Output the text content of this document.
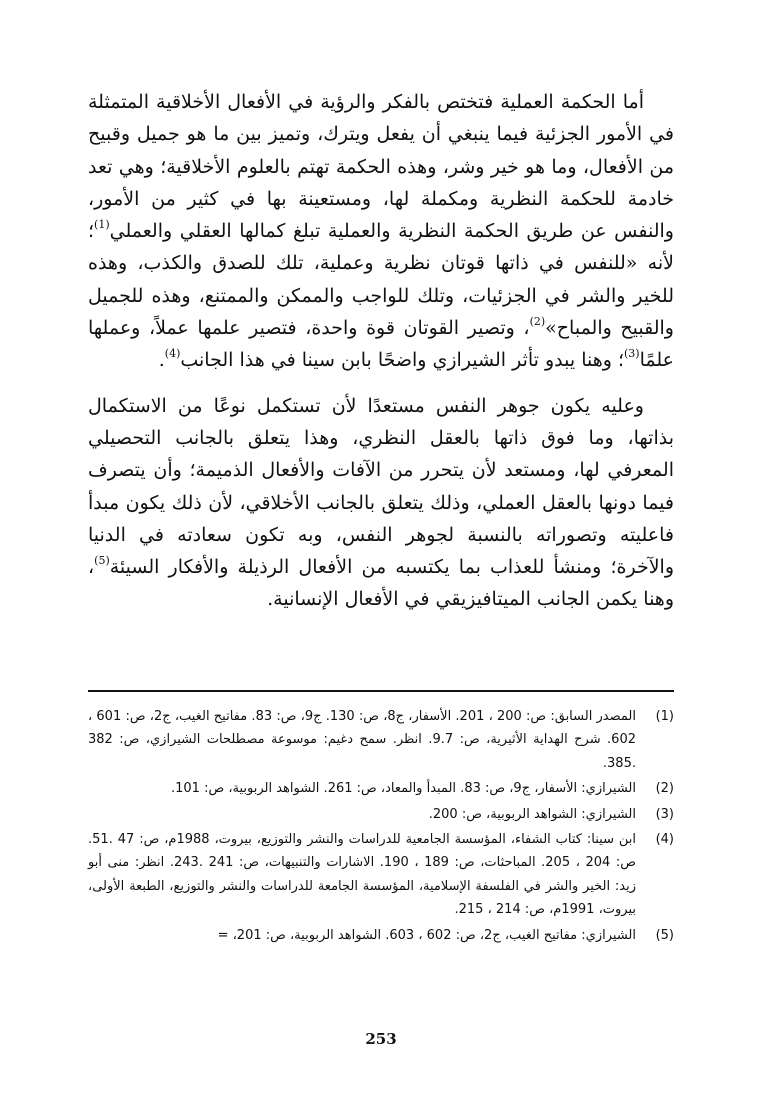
أما الحكمة العملية فتختص بالفكر والرؤية في الأفعال الأخلاقية المتمثلة في الأمور الجزئية فيما ينبغي أن يفعل ويترك، وتميز بين ما هو جميل وقبيح من الأفعال، وما هو خير وشر، وهذه الحكمة تهتم بالعلوم الأخلاقية؛ وهي تعد خادمة للحكمة النظرية ومكملة لها، ومستعينة بها في كثير من الأمور، والنفس عن طريق الحكمة النظرية والعملية تبلغ كمالها العقلي والعملي$^{(1)}$؛ لأنه «للنفس في ذاتها قوتان نظرية وعملية، تلك للصدق والكذب، وهذه للخير والشر في الجزئيات، وتلك للواجب والممكن والممتنع، وهذه للجميل والقبيح والمباح»$^{(2)}$، وتصير القوتان قوة واحدة، فتصير علمها عملاً، وعملها علمًا$^{(3)}$؛ وهنا يبدو تأثر الشيرازي واضحًا بابن سينا في هذا الجانب$^{(4)}$.

وعليه يكون جوهر النفس مستعدًا لأن تستكمل نوعًا من الاستكمال بذاتها، وما فوق ذاتها بالعقل النظري، وهذا يتعلق بالجانب التحصيلي المعرفي لها، ومستعد لأن يتحرر من الآفات والأفعال الذميمة؛ وأن يتصرف فيما دونها بالعقل العملي، وذلك يتعلق بالجانب الأخلاقي، لأن ذلك يكون مبدأ فاعليته وتصوراته بالنسبة لجوهر النفس، وبه تكون سعادته في الدنيا والآخرة؛ ومنشأ للعذاب بما يكتسبه من الأفعال الرذيلة والأفكار السيئة$^{(5)}$، وهنا يكمن الجانب الميتافيزيقي في الأفعال الإنسانية.

(1)
المصدر السابق: ص: 200 ، 201. الأسفار، ج8، ص: 130. ج9، ص: 83. مفاتيح الغيب، ج2، ص: 601 ، 602. شرح الهداية الأثيرية، ص: 9.7. انظر. سمح دغيم: موسوعة مصطلحات الشيرازي، ص: 382 .385.
(2)
الشيرازي: الأسفار، ج9، ص: 83. المبدأ والمعاد، ص: 261. الشواهد الربوبية، ص: 101.
(3)
الشيرازي: الشواهد الربوبية، ص: 200.
(4)
ابن سينا: كتاب الشفاء، المؤسسة الجامعية للدراسات والنشر والتوزيع، بيروت، 1988م، ص: 47 .51. ص: 204 ، 205. المباحثات، ص: 189 ، 190. الاشارات والتنبيهات، ص: 241 .243. انظر: منى أبو زيد: الخير والشر في الفلسفة الإسلامية، المؤسسة الجامعة للدراسات والنشر والتوزيع، الطبعة الأولى، بيروت، 1991م، ص: 214 ، 215.
(5)
الشيرازي: مفاتيح الغيب، ج2، ص: 602 ، 603. الشواهد الربوبية، ص: 201، =
253
